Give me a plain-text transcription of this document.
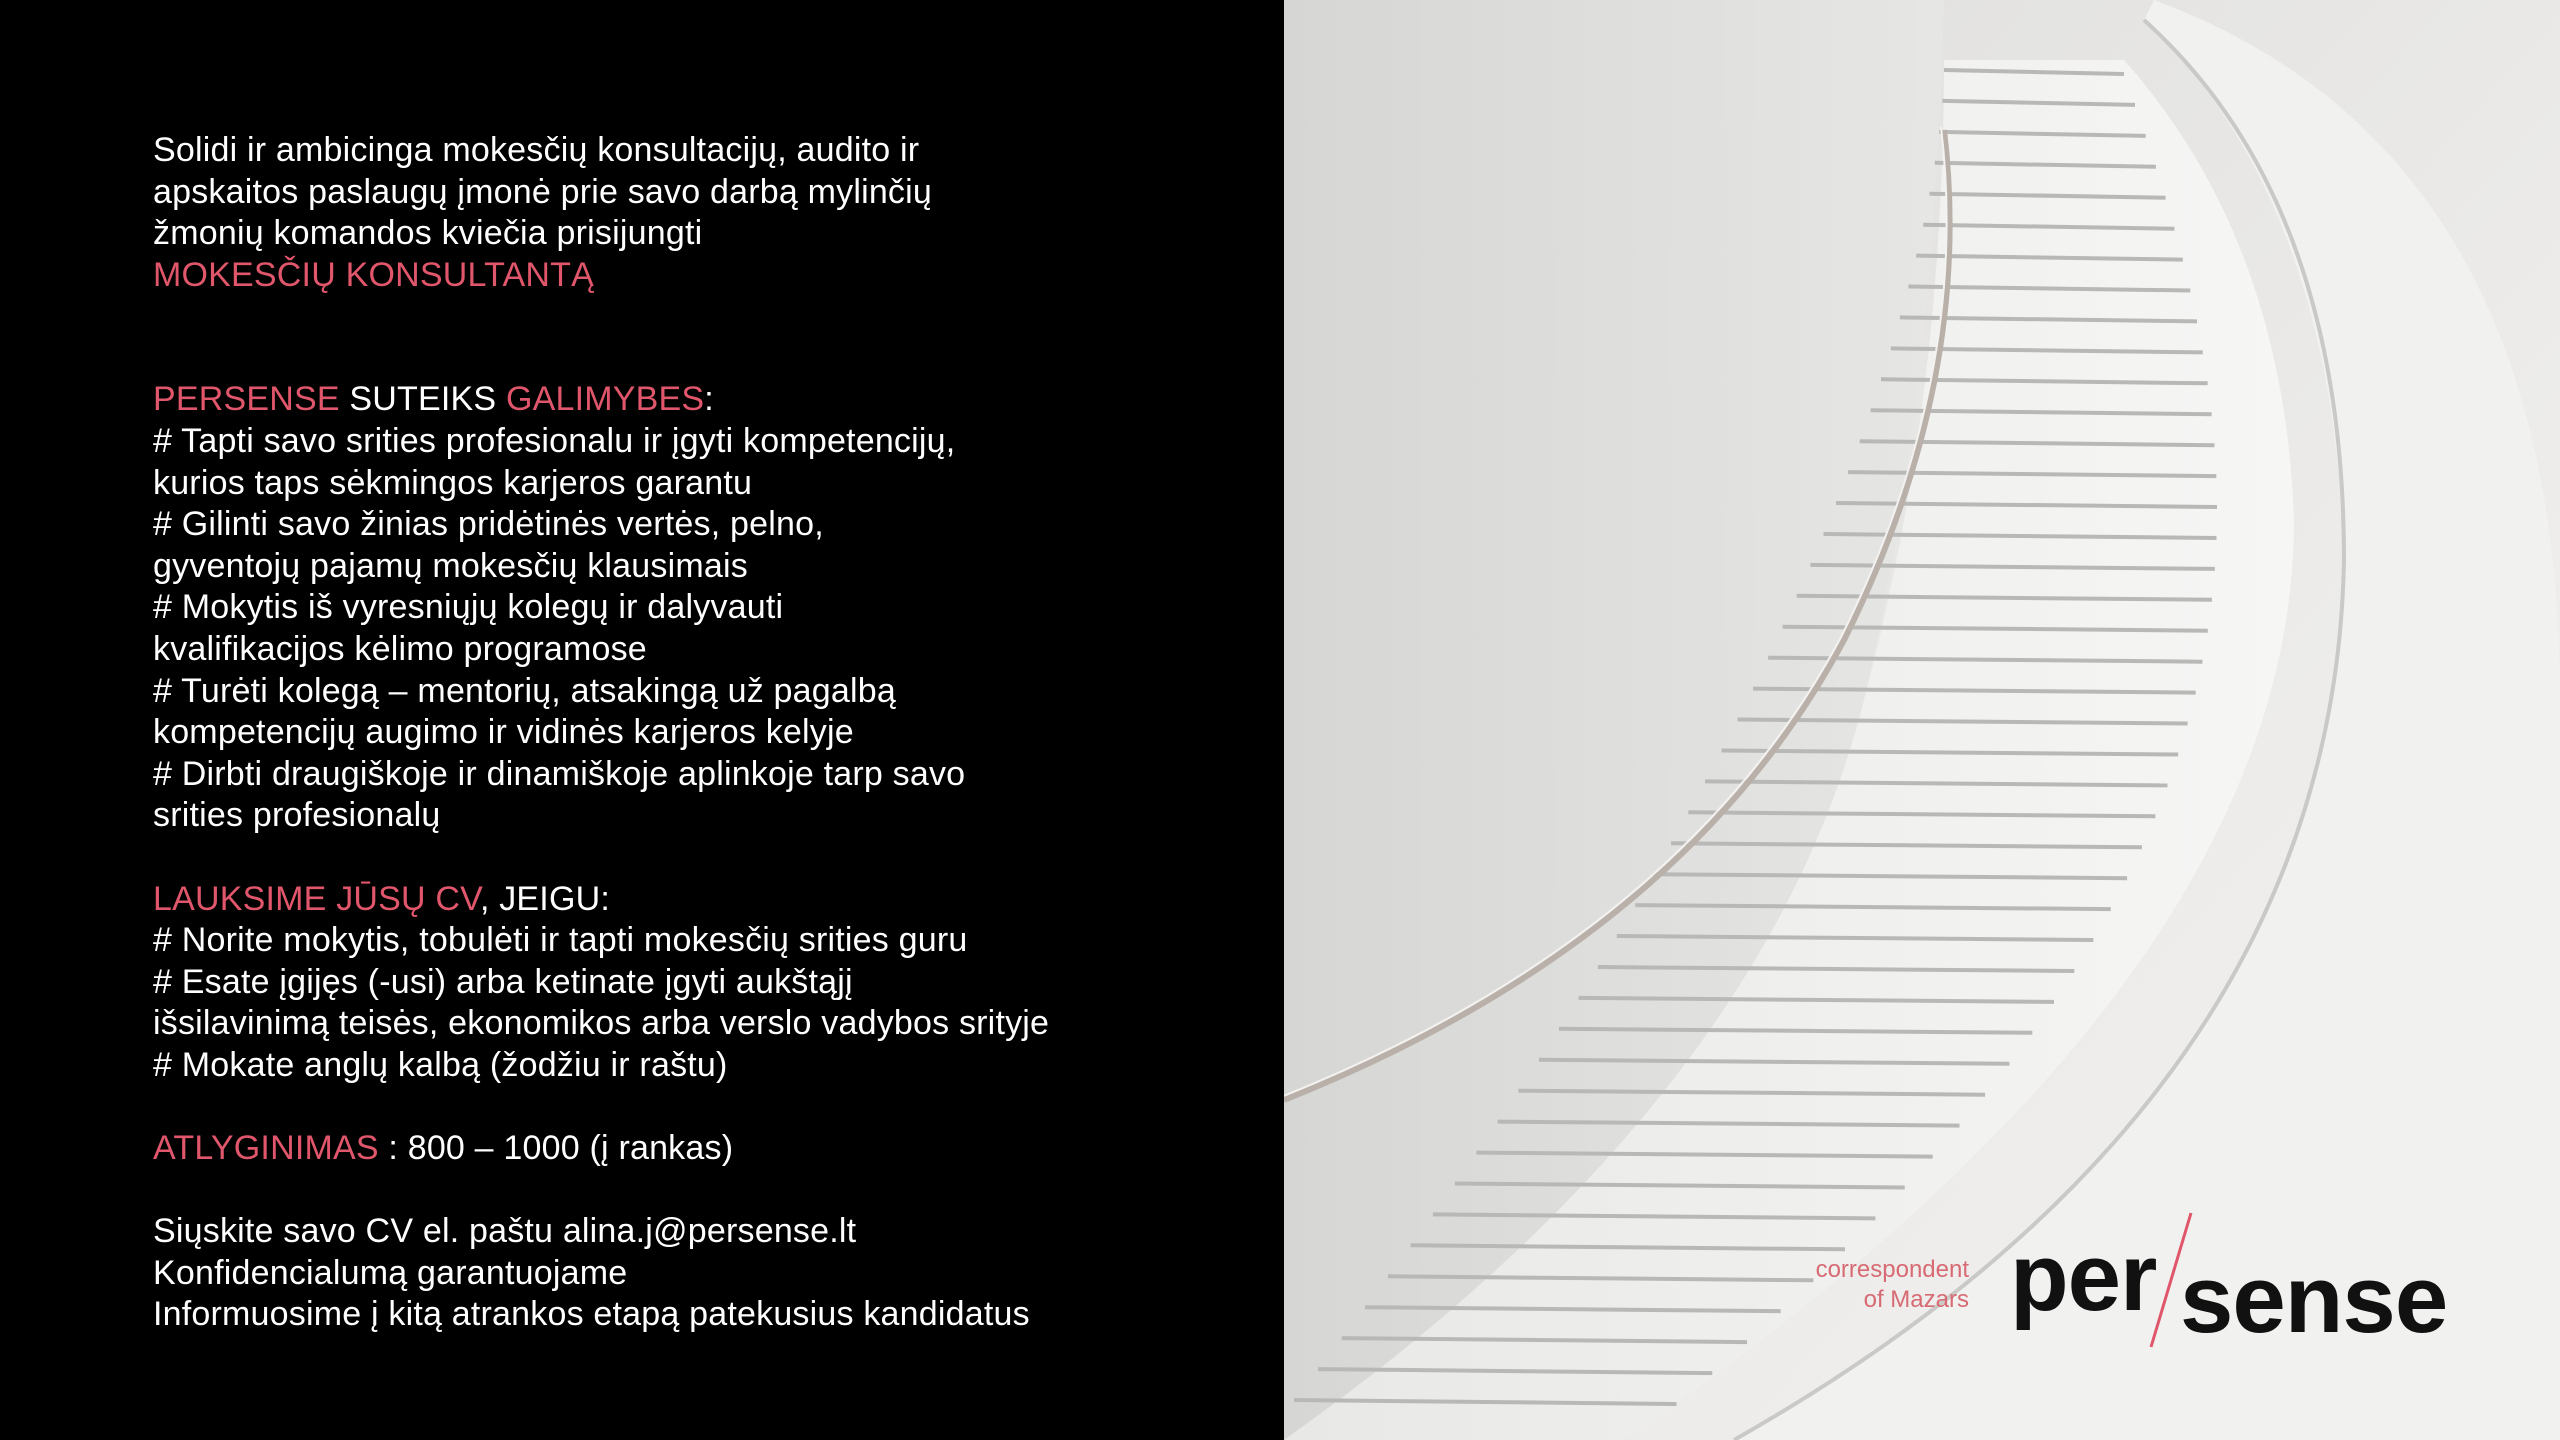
Solidi ir ambicinga mokesčių konsultacijų, audito ir
apskaitos paslaugų įmonė prie savo darbą mylinčių
žmonių komandos kviečia prisijungti
MOKESČIŲ KONSULTANTĄ
PERSENSE SUTEIKS GALIMYBES:
# Tapti savo srities profesionalu ir įgyti kompetencijų,
kurios taps sėkmingos karjeros garantu
# Gilinti savo žinias pridėtinės vertės, pelno,
gyventojų pajamų mokesčių klausimais
# Mokytis iš vyresniųjų kolegų ir dalyvauti
kvalifikacijos kėlimo programose
# Turėti kolegą – mentorių, atsakingą už pagalbą
kompetencijų augimo ir vidinės karjeros kelyje
# Dirbti draugiškoje ir dinamiškoje aplinkoje tarp savo
srities profesionalų
LAUKSIME JŪSŲ CV, JEIGU:
# Norite mokytis, tobulėti ir tapti mokesčių srities guru
# Esate įgijęs (-usi) arba ketinate įgyti aukštąjį
išsilavinimą teisės, ekonomikos arba verslo vadybos srityje
# Mokate anglų kalbą (žodžiu ir raštu)
ATLYGINIMAS : 800 – 1000 (į rankas)
Siųskite savo CV el. paštu alina.j@persense.lt
Konfidencialumą garantuojame
Informuosime į kitą atrankos etapą patekusius kandidatus
correspondent
of Mazars per sense
